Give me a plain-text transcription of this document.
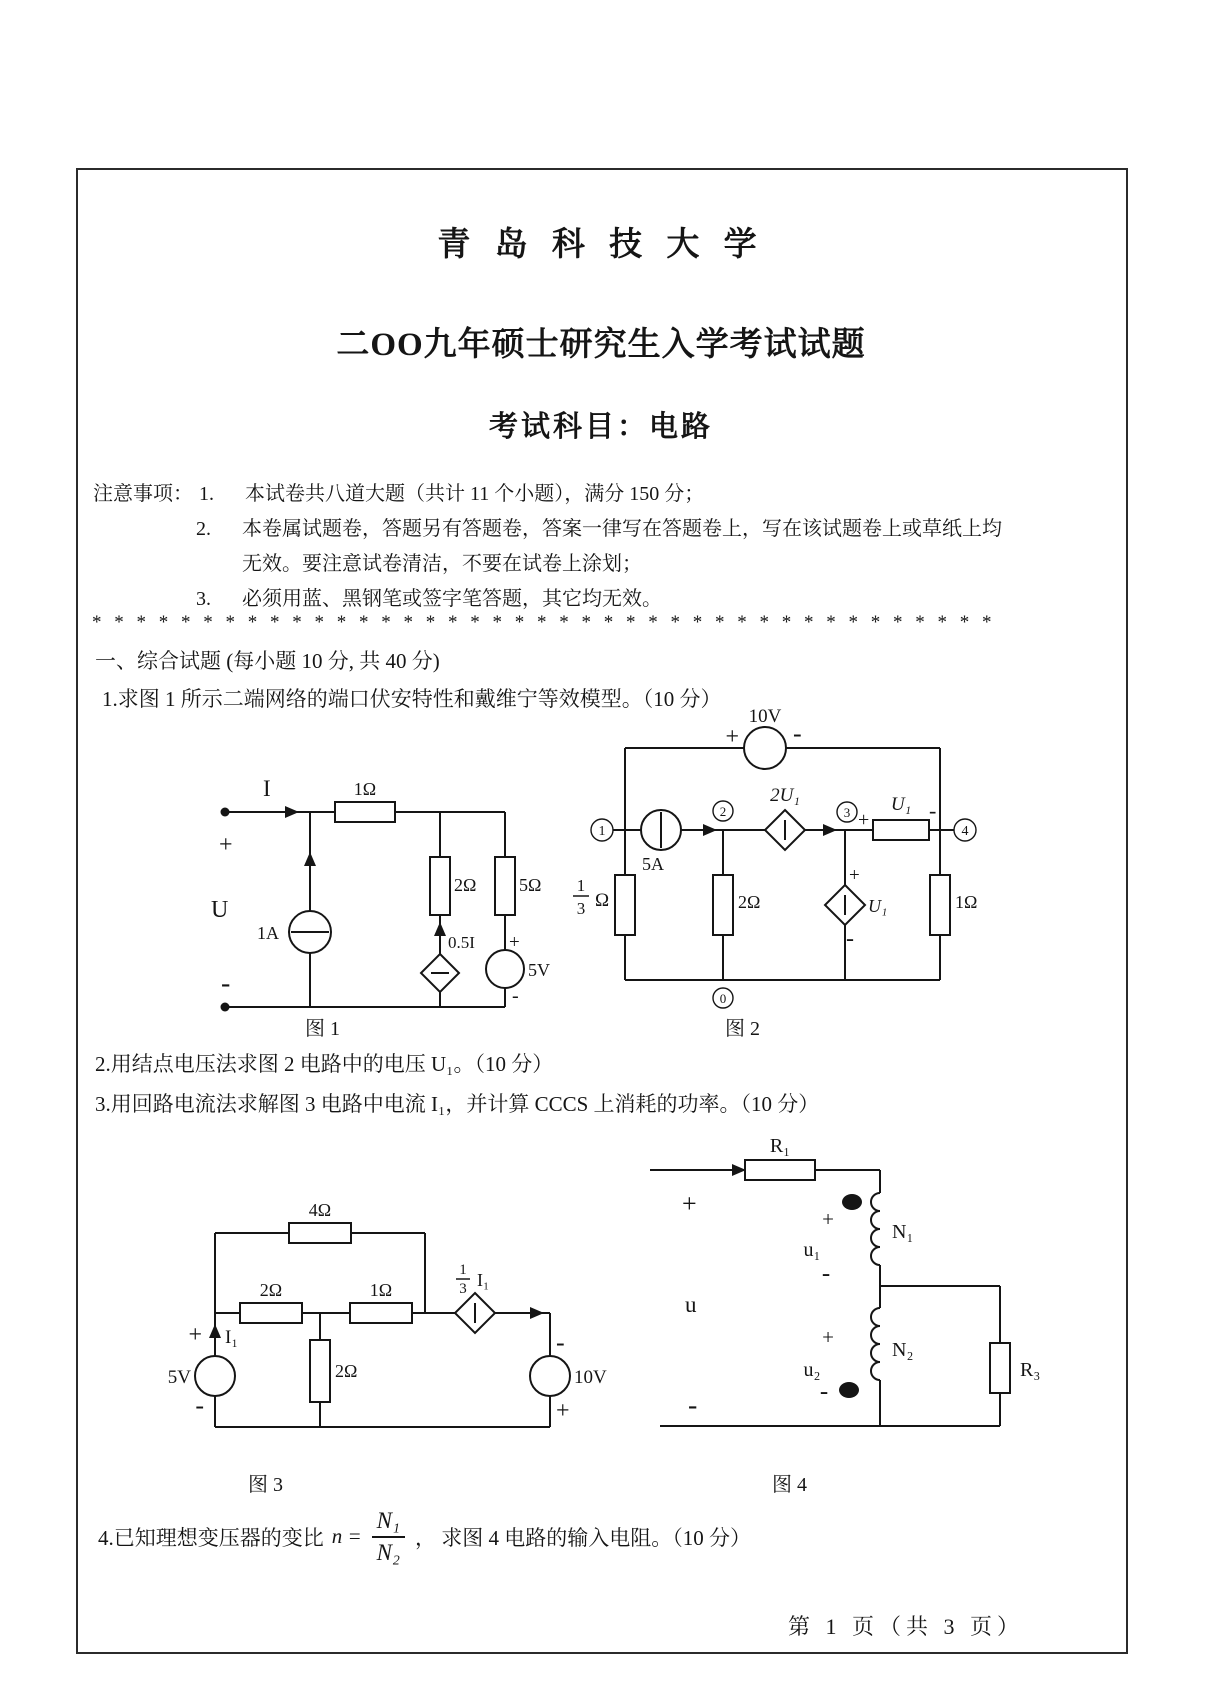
青 岛 科 技 大 学
二OO九年硕士研究生入学考试试题
考试科目：电路
注意事项： 1. 本试卷共八道大题（共计 11 个小题），满分 150 分；
2. 本卷属试题卷，答题另有答题卷，答案一律写在答题卷上，写在该试题卷上或草纸上均
无效。要注意试卷清洁，不要在试卷上涂划；
3. 必须用蓝、黑钢笔或签字笔答题，其它均无效。
* * * * * * * * * * * * * * * * * * * * * * * * * * * * * * * * * * * * * * * * *
一、综合试题 (每小题 10 分, 共 40 分)
1.求图 1 所示二端网络的端口伏安特性和戴维宁等效模型。（10 分）
I
+
U
-
1A
1Ω
2Ω
0.5I
5Ω
+
5V
-
图 1
10V
+ -
1
2	3
4
0
5A
2U₁
+
U₁ -
1
3 Ω	2Ω
+
U₁
-
1Ω
图 2
2.用结点电压法求图 2 电路中的电压 U₁。（10 分）
3.用回路电流法求解图 3 电路中电流 I₁，并计算 CCCS 上消耗的功率。（10 分）
4Ω
2Ω	1Ω
1
3 I₁
I₁
+
5V
-
2Ω
-
10V
+
图 3
R₁
+
u
-
+
u₁
-
N₁
+
u₂
-
N₂
R₃
图 4
4.已知理想变压器的变比 $n = \frac{\text{N₁}}{\text{N₂}}$ ， 求图 4 电路的输入电阻。（10 分）
第 1 页（共 3 页）
